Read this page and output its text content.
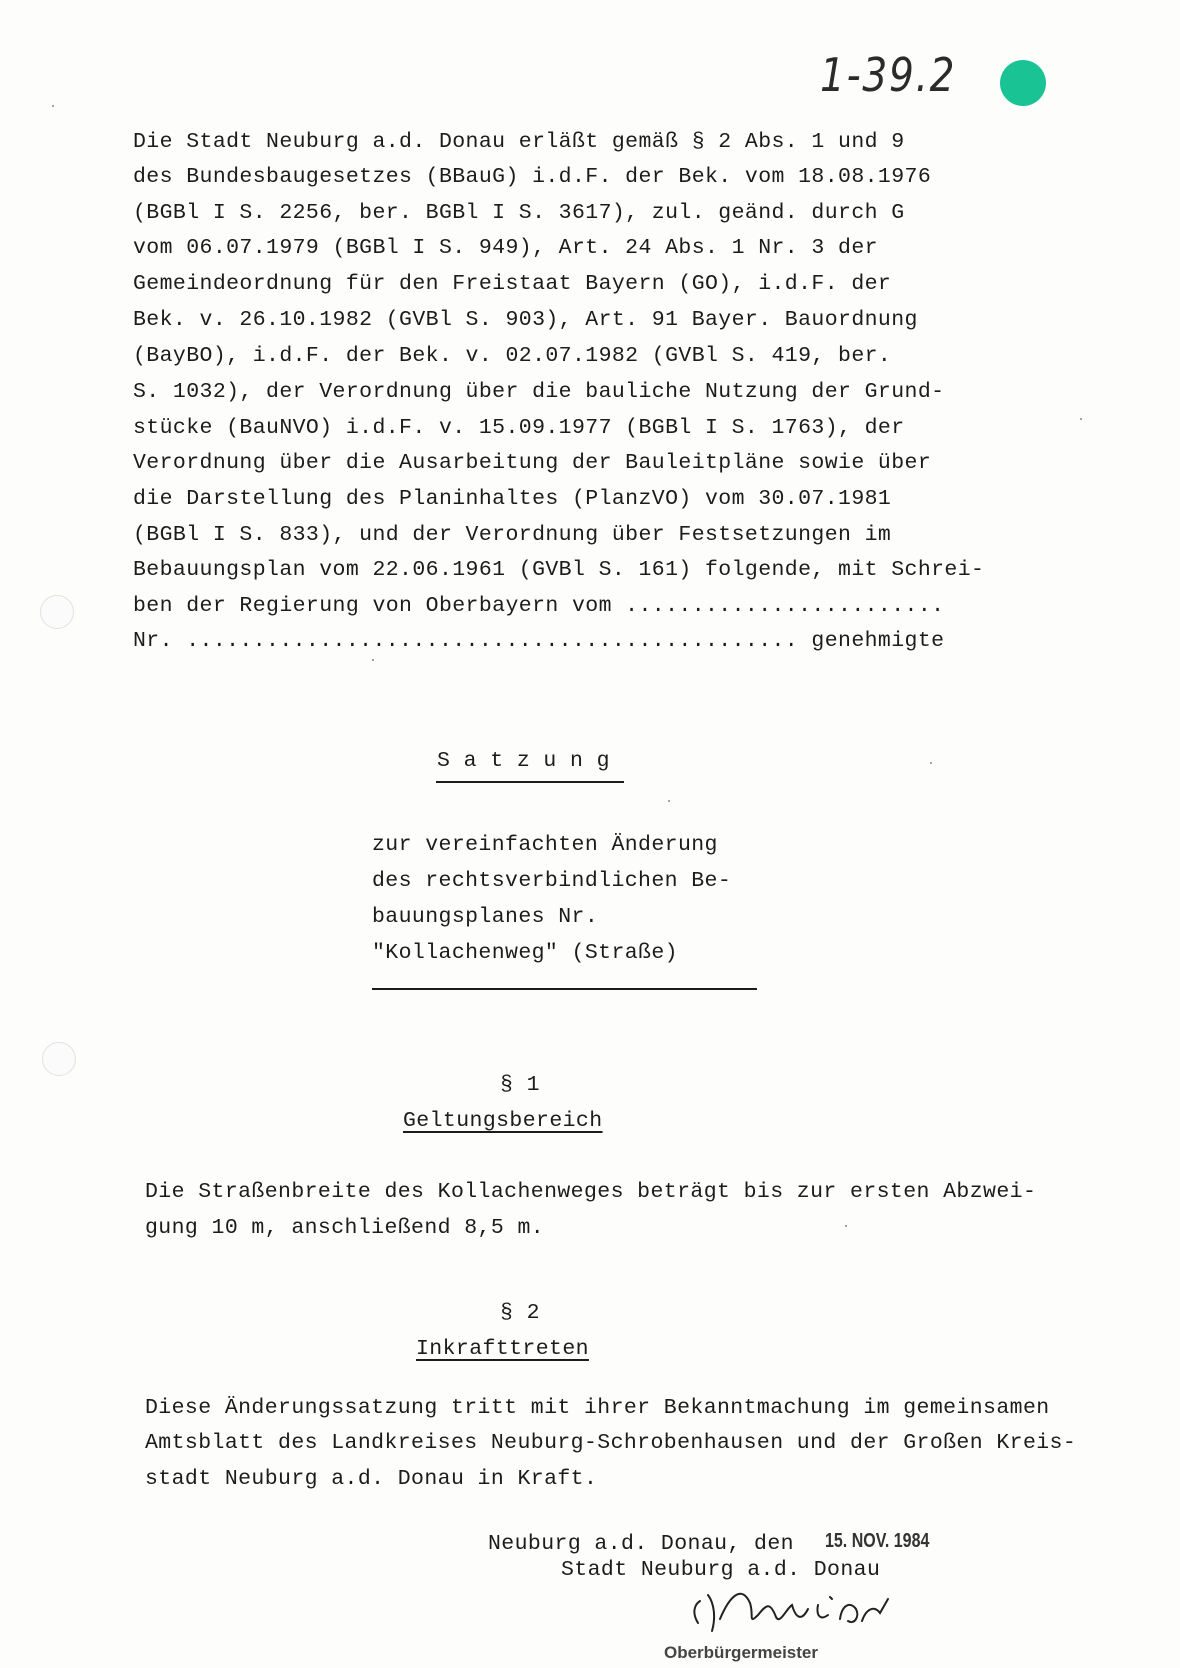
1-39.2
Die Stadt Neuburg a.d. Donau erläßt gemäß § 2 Abs. 1 und 9
des Bundesbaugesetzes (BBauG) i.d.F. der Bek. vom 18.08.1976
(BGBl I S. 2256, ber. BGBl I S. 3617), zul. geänd. durch G
vom 06.07.1979 (BGBl I S. 949), Art. 24 Abs. 1 Nr. 3 der
Gemeindeordnung für den Freistaat Bayern (GO), i.d.F. der
Bek. v. 26.10.1982 (GVBl S. 903), Art. 91 Bayer. Bauordnung
(BayBO), i.d.F. der Bek. v. 02.07.1982 (GVBl S. 419, ber.
S. 1032), der Verordnung über die bauliche Nutzung der Grund-
stücke (BauNVO) i.d.F. v. 15.09.1977 (BGBl I S. 1763), der
Verordnung über die Ausarbeitung der Bauleitpläne sowie über
die Darstellung des Planinhaltes (PlanzVO) vom 30.07.1981
(BGBl I S. 833), und der Verordnung über Festsetzungen im
Bebauungsplan vom 22.06.1961 (GVBl S. 161) folgende, mit Schrei-
ben der Regierung von Oberbayern vom ........................
Nr. .............................................. genehmigte
S a t z u n g
zur vereinfachten Änderung
des rechtsverbindlichen Be-
bauungsplanes Nr.
"Kollachenweg" (Straße)
§ 1
Geltungsbereich
Die Straßenbreite des Kollachenweges beträgt bis zur ersten Abzwei-
gung 10 m, anschließend 8,5 m.
§ 2
Inkrafttreten
Diese Änderungssatzung tritt mit ihrer Bekanntmachung im gemeinsamen
Amtsblatt des Landkreises Neuburg-Schrobenhausen und der Großen Kreis-
stadt Neuburg a.d. Donau in Kraft.
Neuburg a.d. Donau, den 15. NOV. 1984
Stadt Neuburg a.d. Donau
Oberbürgermeister
